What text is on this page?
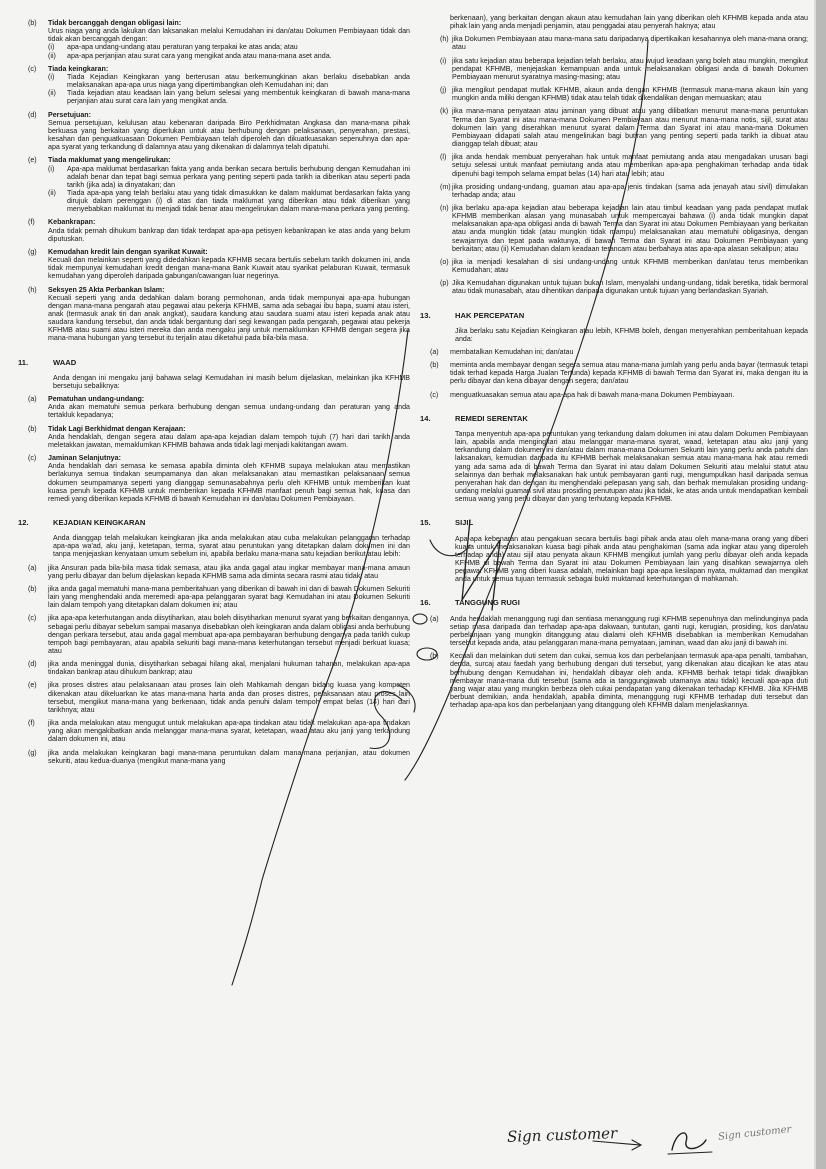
(b)	Tidak bercanggah dengan obligasi lain:

Urus niaga yang anda lakukan dan laksanakan melalui Kemudahan ini dan/atau Dokumen Pembiayaan tidak dan tidak akan bercanggah dengan:

(i)	apa-apa undang-undang atau peraturan yang terpakai ke atas anda; atau

(ii)	apa-apa perjanjian atau surat cara yang mengikat anda atau mana-mana aset anda.

(c)	Tiada keingkaran:
(i)	Tiada Kejadian Keingkaran yang berterusan atau berkemungkinan akan berlaku disebabkan anda melaksanakan apa-apa urus niaga yang dipertimbangkan oleh Kemudahan ini; dan

(ii)	Tiada kejadian atau keadaan lain yang belum selesai yang membentuk keingkaran di bawah mana-mana perjanjian atau surat cara lain yang mengikat anda.

(d)	Persetujuan:

Semua persetujuan, kelulusan atau kebenaran daripada Biro Perkhidmatan Angkasa dan mana-mana pihak berkuasa yang berkaitan yang diperlukan untuk atau berhubung dengan pelaksanaan, penyerahan, prestasi, kesahan dan penguatkuasaan Dokumen Pembiayaan telah diperoleh dan dikuatkuasakan sepenuhnya dan apa-apa syarat yang terkandung di dalamnya atau yang dikenakan di dalamnya telah dipatuhi.

(e)	Tiada maklumat yang mengelirukan:
(i)	Apa-apa maklumat berdasarkan fakta yang anda berikan secara bertulis berhubung dengan Kemudahan ini adalah benar dan tepat bagi semua perkara yang penting seperti pada tarikh ia diberikan atau seperti pada tarikh (jika ada) ia dinyatakan; dan

(ii)	Tiada apa-apa yang telah berlaku atau yang tidak dimasukkan ke dalam maklumat berdasarkan fakta yang dirujuk dalam perenggan (i) di atas dan tiada maklumat yang diberikan atau tidak diberikan yang menyebabkan maklumat itu menjadi tidak benar atau mengelirukan dalam mana-mana perkara yang penting.

(f)	Kebankrapan:

Anda tidak pernah dihukum bankrap dan tidak terdapat apa-apa petisyen kebankrapan ke atas anda yang belum diputuskan.

(g)	Kemudahan kredit lain dengan syarikat Kuwait:

Kecuali dan melainkan seperti yang didedahkan kepada KFHMB secara bertulis sebelum tarikh dokumen ini, anda tidak mempunyai kemudahan kredit dengan mana-mana Bank Kuwait atau syarikat pelaburan Kuwait, termasuk kemudahan yang diperoleh daripada gabungan/cawangan luar negerinya.

(h)	Seksyen 25 Akta Perbankan Islam:

Kecuali seperti yang anda dedahkan dalam borang permohonan, anda tidak mempunyai apa-apa hubungan dengan mana-mana pengarah atau pegawai atau pekerja KFHMB, sama ada sebagai ibu bapa, suami atau isteri, anak (termasuk anak tiri dan anak angkat), saudara kandung atau saudara suami atau isteri kepada anak atau saudara kandung tersebut, dan anda tidak bergantung dari segi kewangan pada pengarah, pegawai atau pekerja KFHMB atau suami atau isteri mereka dan anda mengaku janji untuk memaklumkan KFHMB dengan segera jika mana-mana hubungan yang tersebut itu terjalin atau diketahui pada bila-bila masa.

11.	WAAD

Anda dengan ini mengaku janji bahawa selagi Kemudahan ini masih belum dijelaskan, melainkan jika KFHMB bersetuju sebaliknya:

(a)	Pematuhan undang-undang:

Anda akan mematuhi semua perkara berhubung dengan semua undang-undang dan peraturan yang anda tertakluk kepadanya;

(b)	Tidak Lagi Berkhidmat dengan Kerajaan:

Anda hendaklah, dengan segera atau dalam apa-apa kejadian dalam tempoh tujuh (7) hari dari tarikh anda meletakkan jawatan, memaklumkan KFHMB bahawa anda tidak lagi menjadi kakitangan awam.

(c)	Jaminan Selanjutnya:

Anda hendaklah dari semasa ke semasa apabila diminta oleh KFHMB supaya melakukan atau memastikan berlakunya semua tindakan seumpamanya dan akan melaksanakan atau memastikan pelaksanaan semua dokumen seumpamanya seperti yang dianggap semunasabahnya perlu oleh KFHMB untuk memberikan kuat kuasa penuh kepada KFHMB untuk memberikan kepada KFHMB manfaat penuh bagi semua hak, kuasa dan remedi yang diberikan kepada KFHMB di bawah Kemudahan ini dan/atau Dokumen Pembiayaan.

12.	KEJADIAN KEINGKARAN

Anda dianggap telah melakukan keingkaran jika anda melakukan atau cuba melakukan pelanggaran terhadap apa-apa wa'ad, aku janji, ketetapan, terma, syarat atau peruntukan yang ditetapkan dalam dokumen ini dan tanpa menjejaskan kenyataan umum sebelum ini, apabila berlaku mana-mana satu kejadian berikut atau lebih:

(a)	jika Ansuran pada bila-bila masa tidak semasa, atau jika anda gagal atau ingkar membayar mana-mana amaun yang perlu dibayar dan belum dijelaskan kepada KFHMB sama ada diminta secara rasmi atau tidak; atau

(b)	jika anda gagal mematuhi mana-mana pemberitahuan yang diberikan di bawah ini dan di bawah Dokumen Sekuriti lain yang menghendaki anda meremedi apa-apa pelanggaran syarat bagi Kemudahan ini atau Dokumen Sekuriti lain dalam tempoh yang ditetapkan dalam dokumen ini; atau

(c)	jika apa-apa keterhutangan anda diisytiharkan, atau boleh diisytiharkan menurut syarat yang berkaitan dengannya, sebagai perlu dibayar sebelum sampai masanya disebabkan oleh keingkaran anda dalam obligasi anda berhubung dengan perkara tersebut, atau anda gagal membuat apa-apa pembayaran berhubung denganya pada tarikh cukup tempoh bagi pembayaran, atau apabila sekuriti bagi mana-mana keterhutangan tersebut menjadi berkuat kuasa; atau

(d)	jika anda meninggal dunia, diisytiharkan sebagai hilang akal, menjalani hukuman tahanan, melakukan apa-apa tindakan bankrap atau dihukum bankrap; atau

(e)	jika proses distres atau pelaksanaan atau proses lain oleh Mahkamah dengan bidang kuasa yang kompeten dikenakan atau dikeluarkan ke atas mana-mana harta anda dan proses distres, pelaksanaan atau proses lain tersebut, mengikut mana-mana yang berkenaan, tidak anda penuhi dalam tempoh empat belas (14) hari dari tarikhnya; atau

(f)	jika anda melakukan atau mengugut untuk melakukan apa-apa tindakan atau tidak melakukan apa-apa tindakan yang akan mengakibatkan anda melanggar mana-mana syarat, ketetapan, waad atau aku janji yang terkandung dalam dokumen ini, atau

(g)	jika anda melakukan keingkaran bagi mana-mana peruntukan dalam mana-mana perjanjian, atau dokumen sekuriti, atau kedua-duanya (mengikut mana-mana yang

berkenaan), yang berkaitan dengan akaun atau kemudahan lain yang diberikan oleh KFHMB kepada anda atau pihak lain yang anda menjadi penjamin, atau penggadai atau penyerah haknya; atau

(h) jika Dokumen Pembiayaan atau mana-mana satu daripadanya dipertikaikan kesahannya oleh mana-mana orang; atau

(i) jika satu kejadian atau beberapa kejadian telah berlaku, atau wujud keadaan yang boleh atau mungkin, mengikut pendapat KFHMB, menjejaskan kemampuan anda untuk melaksanakan obligasi anda di bawah Dokumen Pembiayaan menurut syaratnya masing-masing; atau

(j) jika mengikut pendapat mutlak KFHMB, akaun anda dengan KFHMB (termasuk mana-mana akaun lain yang mungkin anda miliki dengan KFHMB) tidak atau telah tidak dikendalikan dengan memuaskan; atau

(k) jika mana-mana penyataan atau jaminan yang dibuat atau yang dilibatkan menurut mana-mana peruntukan Terma dan Syarat ini atau mana-mana Dokumen Pembiayaan atau menurut mana-mana notis, sijil, surat atau dokumen lain yang diserahkan menurut syarat dalam Terma dan Syarat ini atau mana-mana Dokumen Pembiayaan didapati salah atau mengelirukan bagi butiran yang penting seperti pada tarikh ia dibuat atau dianggap telah dibuat; atau

(l) jika anda hendak membuat penyerahan hak untuk manfaat pemiutang anda atau mengadakan urusan bagi setuju selesai untuk manfaat pemiutang anda atau memberikan apa-apa penghakiman terhadap anda tidak dipenuhi bagi tempoh selama empat belas (14) hari atau lebih; atau

(m) jika prosiding undang-undang, guaman atau apa-apa jenis tindakan (sama ada jenayah atau sivil) dimulakan terhadap anda; atau

(n) jika berlaku apa-apa kejadian atau beberapa kejadian lain atau timbul keadaan yang pada pendapat mutlak KFHMB memberikan alasan yang munasabah untuk mempercayai bahawa (i) anda tidak mungkin dapat melaksanakan apa-apa obligasi anda di bawah Terma dan Syarat ini atau Dokumen Pembiayaan yang berkaitan atau anda mungkin tidak (atau mungkin tidak mampu) melaksanakan atau mematuhi obligasinya, dengan sewajarnya dan tepat pada waktunya, di bawah Terma dan Syarat ini atau Dokumen Pembiayaan yang berkaitan; atau (ii) Kemudahan dalam keadaan terancam atau berbahaya atas apa-apa alasan sekalipun; atau

(o) jika ia menjadi kesalahan di sisi undang-undang untuk KFHMB memberikan dan/atau terus memberikan Kemudahan; atau

(p) Jika Kemudahan digunakan untuk tujuan bukan Islam, menyalahi undang-undang, tidak beretika, tidak bermoral atau tidak munasabah, atau dihentikan daripada digunakan untuk tujuan yang berlandaskan Syariah.

13.	HAK PERCEPATAN

Jika berlaku satu Kejadian Keingkaran atau lebih, KFHMB boleh, dengan menyerahkan pemberitahuan kepada anda:

(a)	membatalkan Kemudahan ini; dan/atau

(b)	meminta anda membayar dengan segera semua atau mana-mana jumlah yang perlu anda bayar (termasuk tetapi tidak terhad kepada Harga Jualan Tertunda) kepada KFHMB di bawah Terma dan Syarat ini, maka dengan itu ia perlu dibayar dan kena dibayar dengan segera; dan/atau

(c)	menguatkuasakan semua atau apa-apa hak di bawah mana-mana Dokumen Pembiayaan.

14.	REMEDI SERENTAK

Tanpa menyentuh apa-apa peruntukan yang terkandung dalam dokumen ini atau dalam Dokumen Pembiayaan lain, apabila anda mengingkari atau melanggar mana-mana syarat, waad, ketetapan atau aku janji yang terkandung dalam dokumen ini dan/atau dalam mana-mana Dokumen Sekuriti lain yang perlu anda patuhi dan laksanakan, kemudian daripada itu KFHMB berhak melaksanakan semua atau mana-mana hak atau remedi yang ada sama ada di bawah Terma dan Syarat ini atau dalam Dokumen Sekuriti atau melalui statut atau selainnya dan berhak melaksanakan hak untuk pembayaran ganti rugi, mengumpulkan hasil daripada semua penyerahan hak dan dengan itu menghendaki pelepasan yang sah, dan berhak memulakan prosiding undang-undang melalui guaman sivil atau prosiding penutupan atau jika tidak, ke atas anda untuk mendapatkan kembali semua wang yang perlu dibayar dan yang terhutang kepada KFHMB.

15.	SIJIL

Apa-apa kebenaran atau pengakuan secara bertulis bagi pihak anda atau oleh mana-mana orang yang diberi kuasa untuk melaksanakan kuasa bagi pihak anda atau penghakiman (sama ada ingkar atau yang diperoleh terhadap anda) atau sijil atau penyata akaun KFHMB mengikut jumlah yang perlu dibayar oleh anda kepada KFHMB di bawah Terma dan Syarat ini atau Dokumen Pembiayaan lain yang disahkan sewajarnya oleh pegawai KFHMB yang diberi kuasa adalah, melainkan bagi apa-apa kesilapan nyata, muktamad dan mengikat anda untuk semua tujuan termasuk sebagai bukti muktamad keterhutangan di mahkamah.

16.	TANGGUNG RUGI
(a)	Anda hendaklah menanggung rugi dan sentiasa menanggung rugi KFHMB sepenuhnya dan melindunginya pada setiap masa daripada dan terhadap apa-apa dakwaan, tuntutan, ganti rugi, kerugian, prosiding, kos dan/atau perbelanjaan yang mungkin ditanggung atau dialami oleh KFHMB disebabkan ia memberikan Kemudahan tersebut kepada anda, atau pelanggaran mana-mana pernyataan, jaminan, waad dan aku janji di bawah ini.

(b)	Kecuali dan melainkan duti setem dan cukai, semua kos dan perbelanjaan termasuk apa-apa penalti, tambahan, denda, surcaj atau faedah yang berhubung dengan duti tersebut, yang dikenakan atau dicajkan ke atas atau berhubung dengan Kemudahan ini, hendaklah dibayar oleh anda. KFHMB berhak tetapi tidak diwajibkan membayar mana-mana duti tersebut (sama ada ia tanggungjawab utamanya atau tidak) kecuali apa-apa duti yang wajar atau yang mungkin berbeza oleh cukai pendapatan yang dikenakan terhadap KFHMB. Jika KFHMB berbuat demikian, anda hendaklah, apabila diminta, menanggung rugi KFHMB terhadap duti tersebut dan terhadap apa-apa kos dan perbelanjaan yang ditanggung oleh KFHMB dalam menjelaskannya.

Sign customer	Sign customer
